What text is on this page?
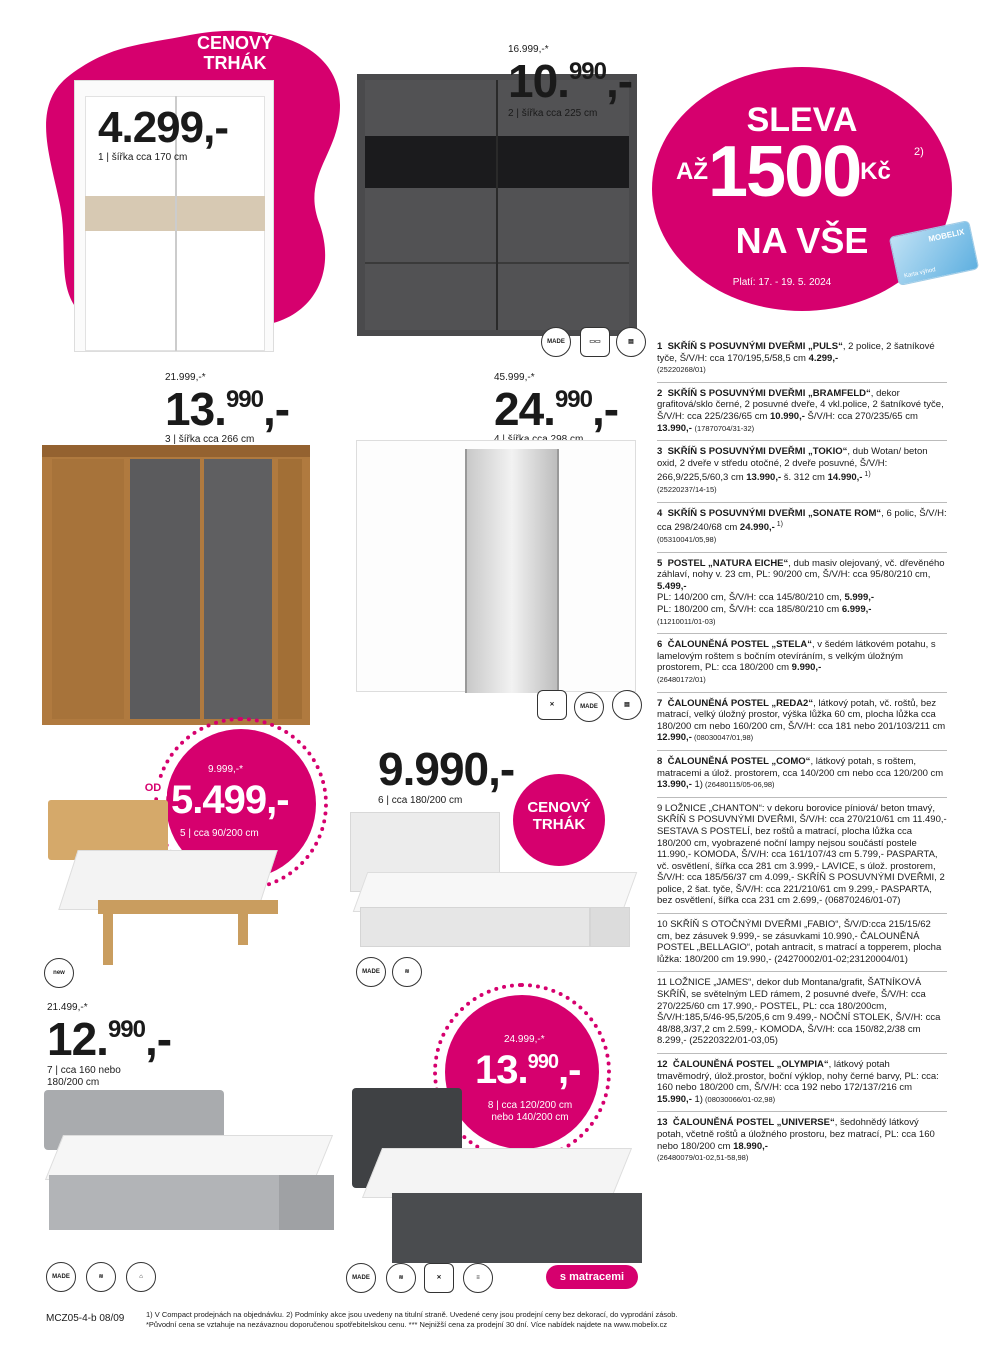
CENOVÝ
TRHÁK
4.299,-
1 | šířka cca 170 cm
16.999,-*
10.$^{990}$,-
2 | šířka cca 225 cm
MADE	▭▭	▤
SLEVA
AŽ1500Kč
2)
NA VŠE
Platí: 17. - 19. 5. 2024
MOBELIX
Karta výhod
21.999,-*
13.$^{990}$,-
3 | šířka cca 266 cm
45.999,-*
24.$^{990}$,-
✕	MADE	▤
9.999,-*
OD 5.499,-
5 | cca 90/200 cm
new
9.990,-
6 | cca 180/200 cm	CENOVÝ
TRHÁK
MADE	≋
21.499,-*
12.$^{990}$,-
7 | cca 160 nebo
180/200 cm
MADE	≋	⌂
24.999,-*
13.$^{990}$,-
8 | cca 120/200 cm
nebo 140/200 cm
MADE	≋	✕	≡	s matracemi
1 SKŘÍŇ S POSUVNÝMI DVEŘMI „PULS“, 2 police, 2 šatníkové tyče, Š/V/H: cca 170/195,5/58,5 cm 4.299,-
(25220268/01)
2 SKŘÍŇ S POSUVNÝMI DVEŘMI „BRAMFELD“, dekor grafitová/sklo černé, 2 posuvné dveře, 4 vkl.police, 2 šatníkové tyče, Š/V/H: cca 225/236/65 cm 10.990,- Š/V/H: cca 270/235/65 cm 13.990,- (17870704/31-32)
3 SKŘÍŇ S POSUVNÝMI DVEŘMI „TOKIO“, dub Wotan/ beton oxid, 2 dveře v středu otočné, 2 dveře posuvné, Š/V/H: 266,9/225,5/60,3 cm 13.990,- š. 312 cm 14.990,- $^{1)}$
(25220237/14-15)
4 SKŘÍŇ S POSUVNÝMI DVEŘMI „SONATE ROM“, 6 polic, Š/V/H: cca 298/240/68 cm 24.990,- $^{1)}$
(05310041/05,98)
5 POSTEL „NATURA EICHE“, dub masiv olejovaný, vč. dřevěného záhlaví, nohy v. 23 cm, PL: 90/200 cm, Š/V/H: cca 95/80/210 cm, 5.499,-
PL: 140/200 cm, Š/V/H: cca 145/80/210 cm, 5.999,-
PL: 180/200 cm, Š/V/H: cca 185/80/210 cm 6.999,-
(11210011/01-03)
6 ČALOUNĚNÁ POSTEL „STELA“, v šedém látkovém potahu, s lamelovým roštem s bočním otevíráním, s velkým úložným prostorem, PL: cca 180/200 cm 9.990,-
(26480172/01)
7 ČALOUNĚNÁ POSTEL „REDA2“, látkový potah, vč. roštů, bez matrací, velký úložný prostor, výška lůžka 60 cm, plocha lůžka cca 180/200 cm nebo 160/200 cm, Š/V/H: cca 181 nebo 201/103/211 cm 12.990,- (08030047/01,98)
8 ČALOUNĚNÁ POSTEL „COMO“, látkový potah, s roštem, matracemi a úlož. prostorem, cca 140/200 cm nebo cca 120/200 cm 13.990,- 1) (26480115/05-06,98)
9 LOŽNICE „CHANTON“: v dekoru borovice píniová/ beton tmavý, SKŘÍŇ S POSUVNÝMI DVEŘMI, Š/V/H: cca 270/210/61 cm 11.490,- SESTAVA S POSTELÍ, bez roštů a matrací, plocha lůžka cca 180/200 cm, vyobrazené noční lampy nejsou součástí postele 11.990,- KOMODA, Š/V/H: cca 161/107/43 cm 5.799,- PASPARTA, vč. osvětlení, šířka cca 281 cm 3.999,- LAVICE, s úlož. prostorem, Š/V/H: cca 185/56/37 cm 4.099,- SKŘÍŇ S POSUVNÝMI DVEŘMI, 2 police, 2 šat. tyče, Š/V/H: cca 221/210/61 cm 9.299,- PASPARTA, bez osvětlení, šířka cca 231 cm 2.699,- (06870246/01-07)
10 SKŘÍŇ S OTOČNÝMI DVEŘMI „FABIO“, Š/V/D:cca 215/15/62 cm, bez zásuvek 9.999,- se zásuvkami 10.990,- ČALOUNĚNÁ POSTEL „BELLAGIO“, potah antracit, s matrací a topperem, plocha lůžka: 180/200 cm 19.990,- (24270002/01-02;23120004/01)
11 LOŽNICE „JAMES“, dekor dub Montana/grafit, ŠATNÍKOVÁ SKŘÍŇ, se světelným LED rámem, 2 posuvné dveře, Š/V/H: cca 270/225/60 cm 17.990,- POSTEL, PL: cca 180/200cm, Š/V/H:185,5/46-95,5/205,6 cm 9.499,- NOČNÍ STOLEK, Š/V/H: cca 48/88,3/37,2 cm 2.599,- KOMODA, Š/V/H: cca 150/82,2/38 cm 8.299,- (25220322/01-03,05)
12 ČALOUNĚNÁ POSTEL „OLYMPIA“, látkový potah tmavěmodrý, úlož.prostor, boční výklop, nohy černé barvy, PL: cca: 160 nebo 180/200 cm, Š/V/H: cca 192 nebo 172/137/216 cm 15.990,- 1) (08030066/01-02,98)
13 ČALOUNĚNÁ POSTEL „UNIVERSE“, šedohnědý látkový potah, včetně roštů a úložného prostoru, bez matrací, PL: cca 160 nebo 180/200 cm 18.990,-
(26480079/01-02,51-58,98)
MCZ05-4-b 08/09	1) V Compact prodejnách na objednávku. 2) Podmínky akce jsou uvedeny na titulní straně. Uvedené ceny jsou prodejní ceny bez dekorací, do vyprodání zásob.
*Původní cena se vztahuje na nezávaznou doporučenou spotřebitelskou cenu. *** Nejnižší cena za prodejní 30 dní. Více nabídek najdete na www.mobelix.cz
